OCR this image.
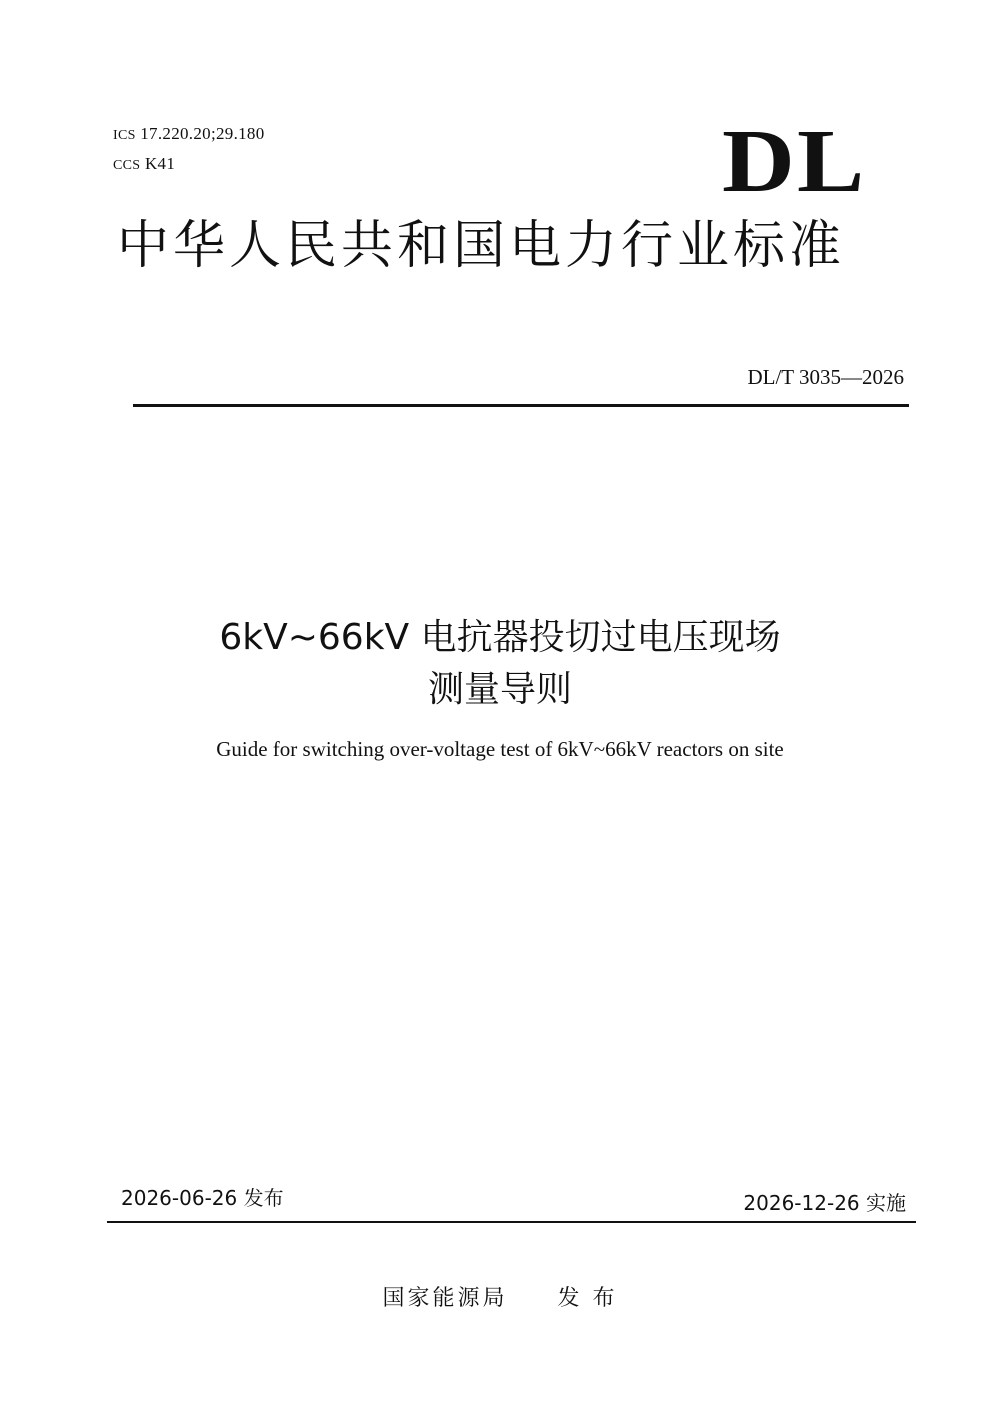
ICS 17.220.20;29.180
CCS K41	DL
中华人民共和国电力行业标准
DL/T 3035—2026
6kV~66kV 电抗器投切过电压现场
测量导则
Guide for switching over-voltage test of 6kV~66kV reactors on site
2026-06-26 发布	2026-12-26 实施
国家能源局     发 布
